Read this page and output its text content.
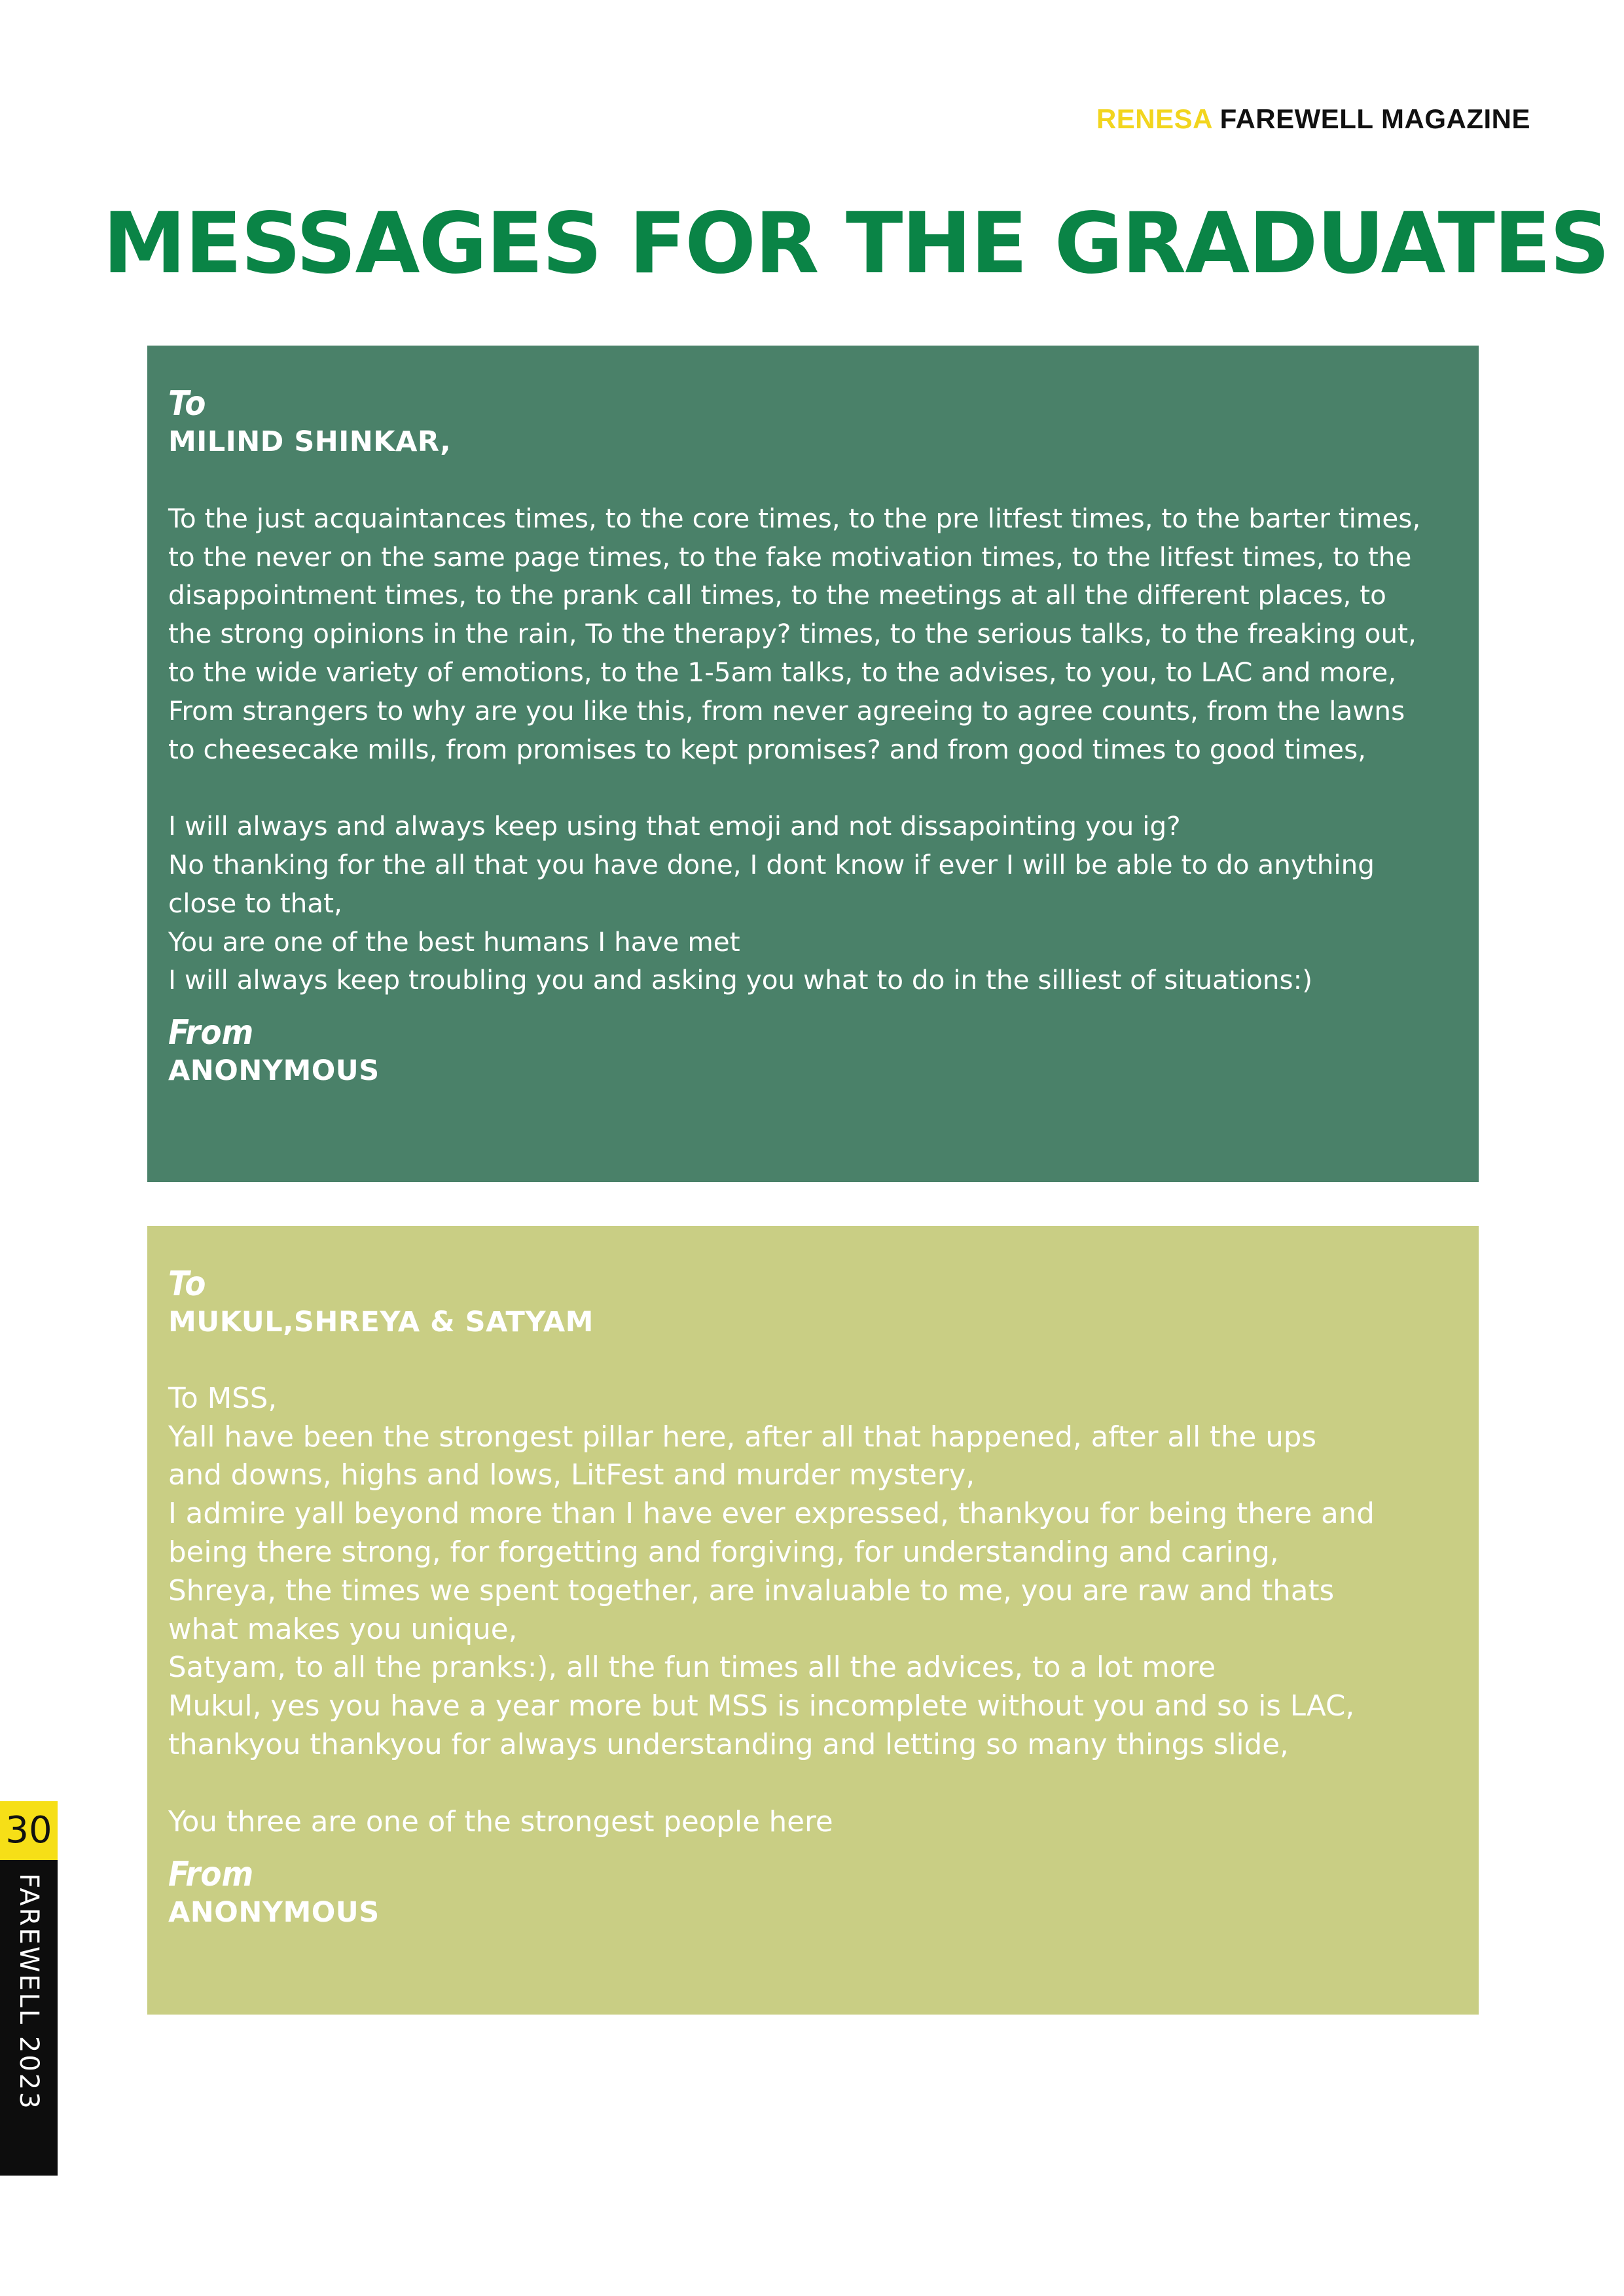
RENESA FAREWELL MAGAZINE
MESSAGES FOR THE GRADUATES

To

MILIND SHINKAR,

To the just acquaintances times, to the core times, to the pre litfest times, to the barter times,

to the never on the same page times, to the fake motivation times, to the litfest times, to the

disappointment times, to the prank call times, to the meetings at all the different places, to

the strong opinions in the rain, To the therapy? times, to the serious talks, to the freaking out,

to the wide variety of emotions, to the 1-5am talks, to the advises, to you, to LAC and more,

From strangers to why are you like this, from never agreeing to agree counts, from the lawns

to cheesecake mills, from promises to kept promises? and from good times to good times,

I will always and always keep using that emoji and not dissapointing you ig?

No thanking for the all that you have done, I dont know if ever I will be able to do anything

close to that,

You are one of the best humans I have met

I will always keep troubling you and asking you what to do in the silliest of situations:)

From

ANONYMOUS

To

MUKUL,SHREYA & SATYAM

To MSS,

Yall have been the strongest pillar here, after all that happened, after all the ups

and downs, highs and lows, LitFest and murder mystery,

I admire yall beyond more than I have ever expressed, thankyou for being there and

being there strong, for forgetting and forgiving, for understanding and caring,

Shreya, the times we spent together, are invaluable to me, you are raw and thats

what makes you unique,

Satyam, to all the pranks:), all the fun times all the advices, to a lot more

Mukul, yes you have a year more but MSS is incomplete without you and so is LAC,

thankyou thankyou for always understanding and letting so many things slide,

You three are one of the strongest people here

From

ANONYMOUS

30
FAREWELL 2023
